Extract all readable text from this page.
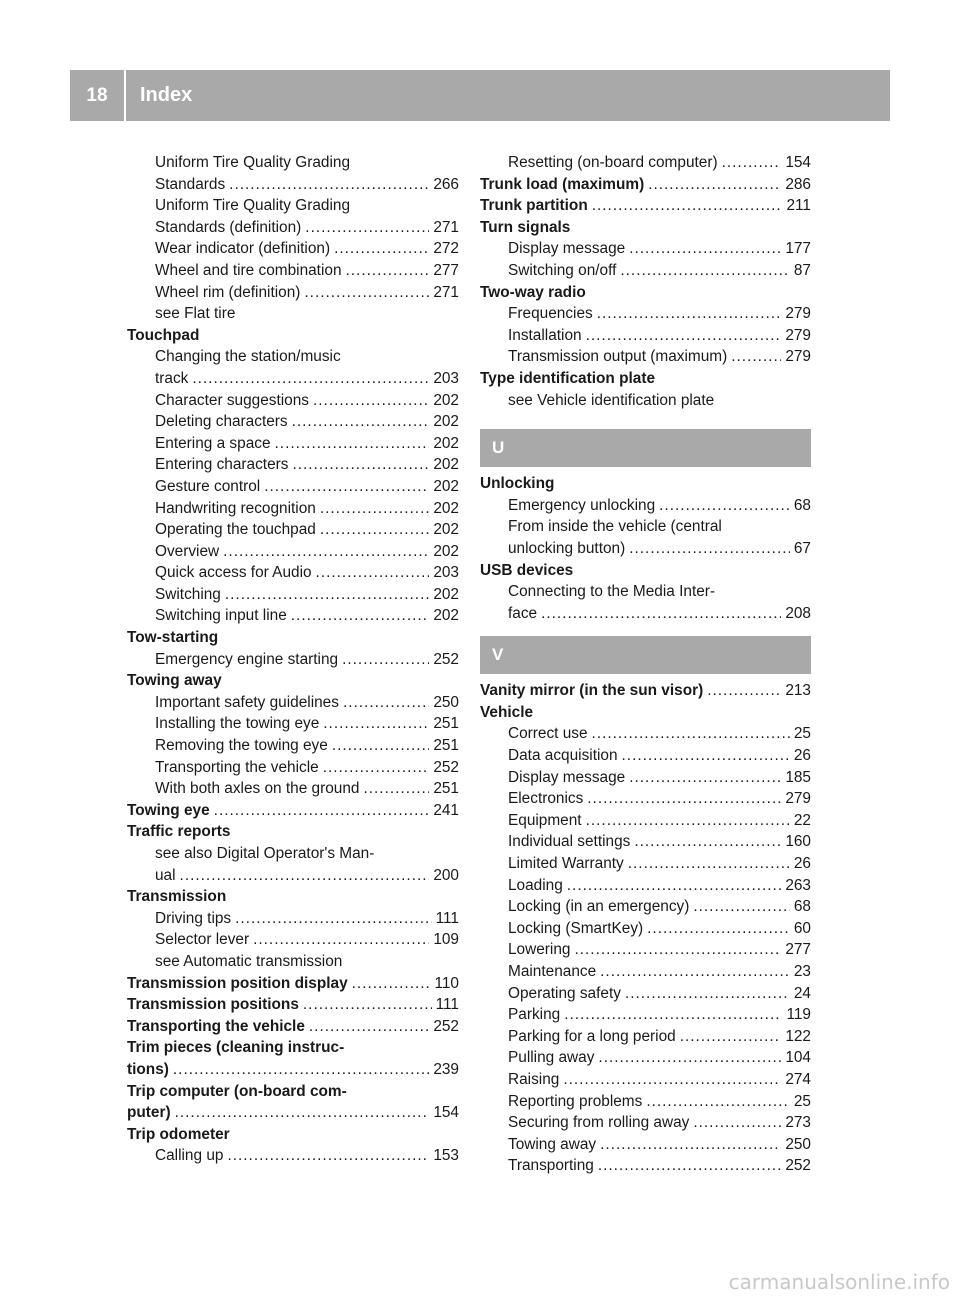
18	Index
Uniform Tire Quality Grading
Standards .....	266
Uniform Tire Quality Grading
Standards (definition) .....	271
Wear indicator (definition) .....	272
Wheel and tire combination .....	277
Wheel rim (definition) .....	271
see Flat tire
Touchpad
Changing the station/music
track .....	203
Character suggestions .....	202
Deleting characters .....	202
Entering a space .....	202
Entering characters .....	202
Gesture control .....	202
Handwriting recognition .....	202
Operating the touchpad .....	202
Overview .....	202
Quick access for Audio .....	203
Switching .....	202
Switching input line .....	202
Tow-starting
Emergency engine starting .....	252
Towing away
Important safety guidelines .....	250
Installing the towing eye .....	251
Removing the towing eye .....	251
Transporting the vehicle .....	252
With both axles on the ground .....	251
Towing eye .....	241
Traffic reports
see also Digital Operator's Man-
ual .....	200
Transmission
Driving tips .....	111
Selector lever .....	109
see Automatic transmission
Transmission position display .....	110
Transmission positions .....	111
Transporting the vehicle .....	252
Trim pieces (cleaning instruc-
tions) .....	239
Trip computer (on-board com-
puter) .....	154
Trip odometer
Calling up .....	153
Resetting (on-board computer) .....	154
Trunk load (maximum) .....	286
Trunk partition .....	211
Turn signals
Display message .....	177
Switching on/off .....	87
Two-way radio
Frequencies .....	279
Installation .....	279
Transmission output (maximum) .....	279
Type identification plate
see Vehicle identification plate
U
Unlocking
Emergency unlocking .....	68
From inside the vehicle (central
unlocking button) .....	67
USB devices
Connecting to the Media Inter-
face .....	208
V
Vanity mirror (in the sun visor) .....	213
Vehicle
Correct use .....	25
Data acquisition .....	26
Display message .....	185
Electronics .....	279
Equipment .....	22
Individual settings .....	160
Limited Warranty .....	26
Loading .....	263
Locking (in an emergency) .....	68
Locking (SmartKey) .....	60
Lowering .....	277
Maintenance .....	23
Operating safety .....	24
Parking .....	119
Parking for a long period .....	122
Pulling away .....	104
Raising .....	274
Reporting problems .....	25
Securing from rolling away .....	273
Towing away .....	250
Transporting .....	252
carmanualsonline.info
